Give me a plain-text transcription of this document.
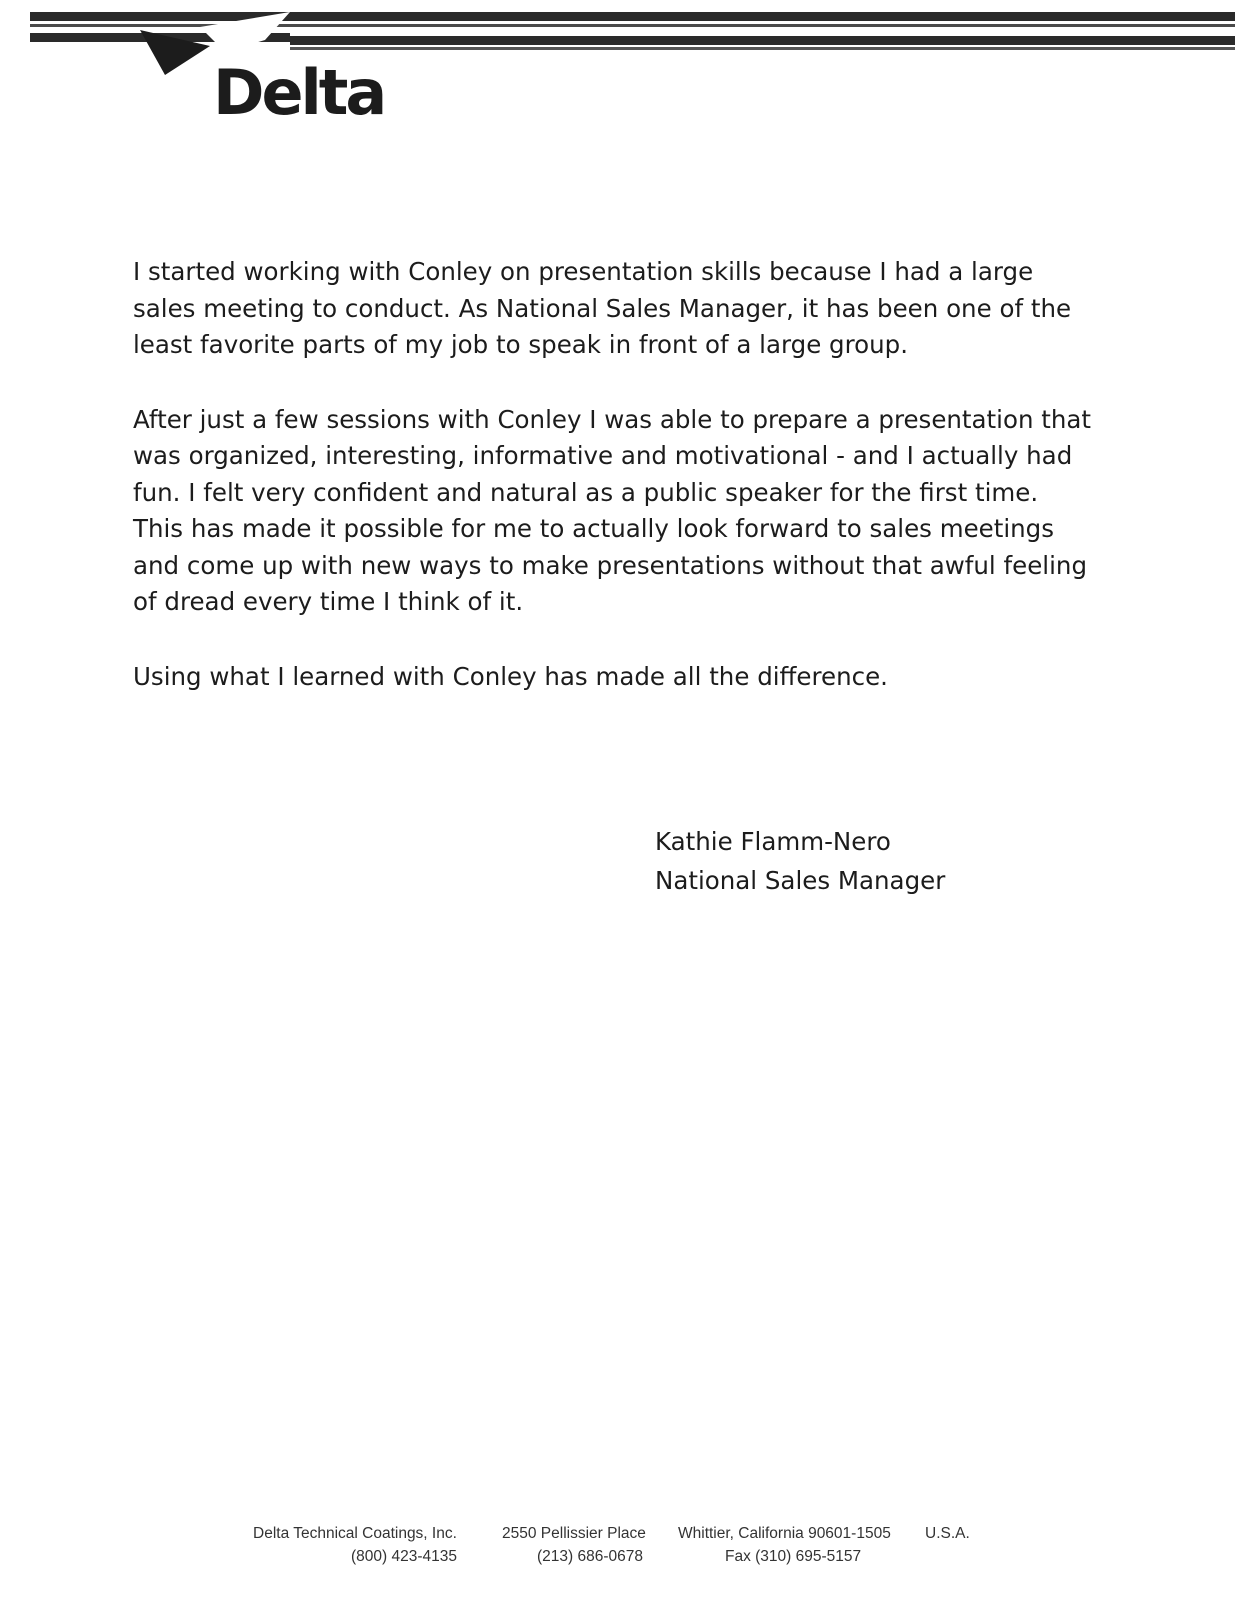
Delta

I started working with Conley on presentation skills because I had a large sales meeting to conduct. As National Sales Manager, it has been one of the least favorite parts of my job to speak in front of a large group.

After just a few sessions with Conley I was able to prepare a presentation that was organized, interesting, informative and motivational - and I actually had fun. I felt very confident and natural as a public speaker for the first time. This has made it possible for me to actually look forward to sales meetings and come up with new ways to make presentations without that awful feeling of dread every time I think of it.

Using what I learned with Conley has made all the difference.

Kathie Flamm-Nero
National Sales Manager
Delta Technical Coatings, Inc.	2550 Pellissier Place Whittier, California 90601-1505 U.S.A.
(800) 423-4135	(213) 686-0678	Fax (310) 695-5157
